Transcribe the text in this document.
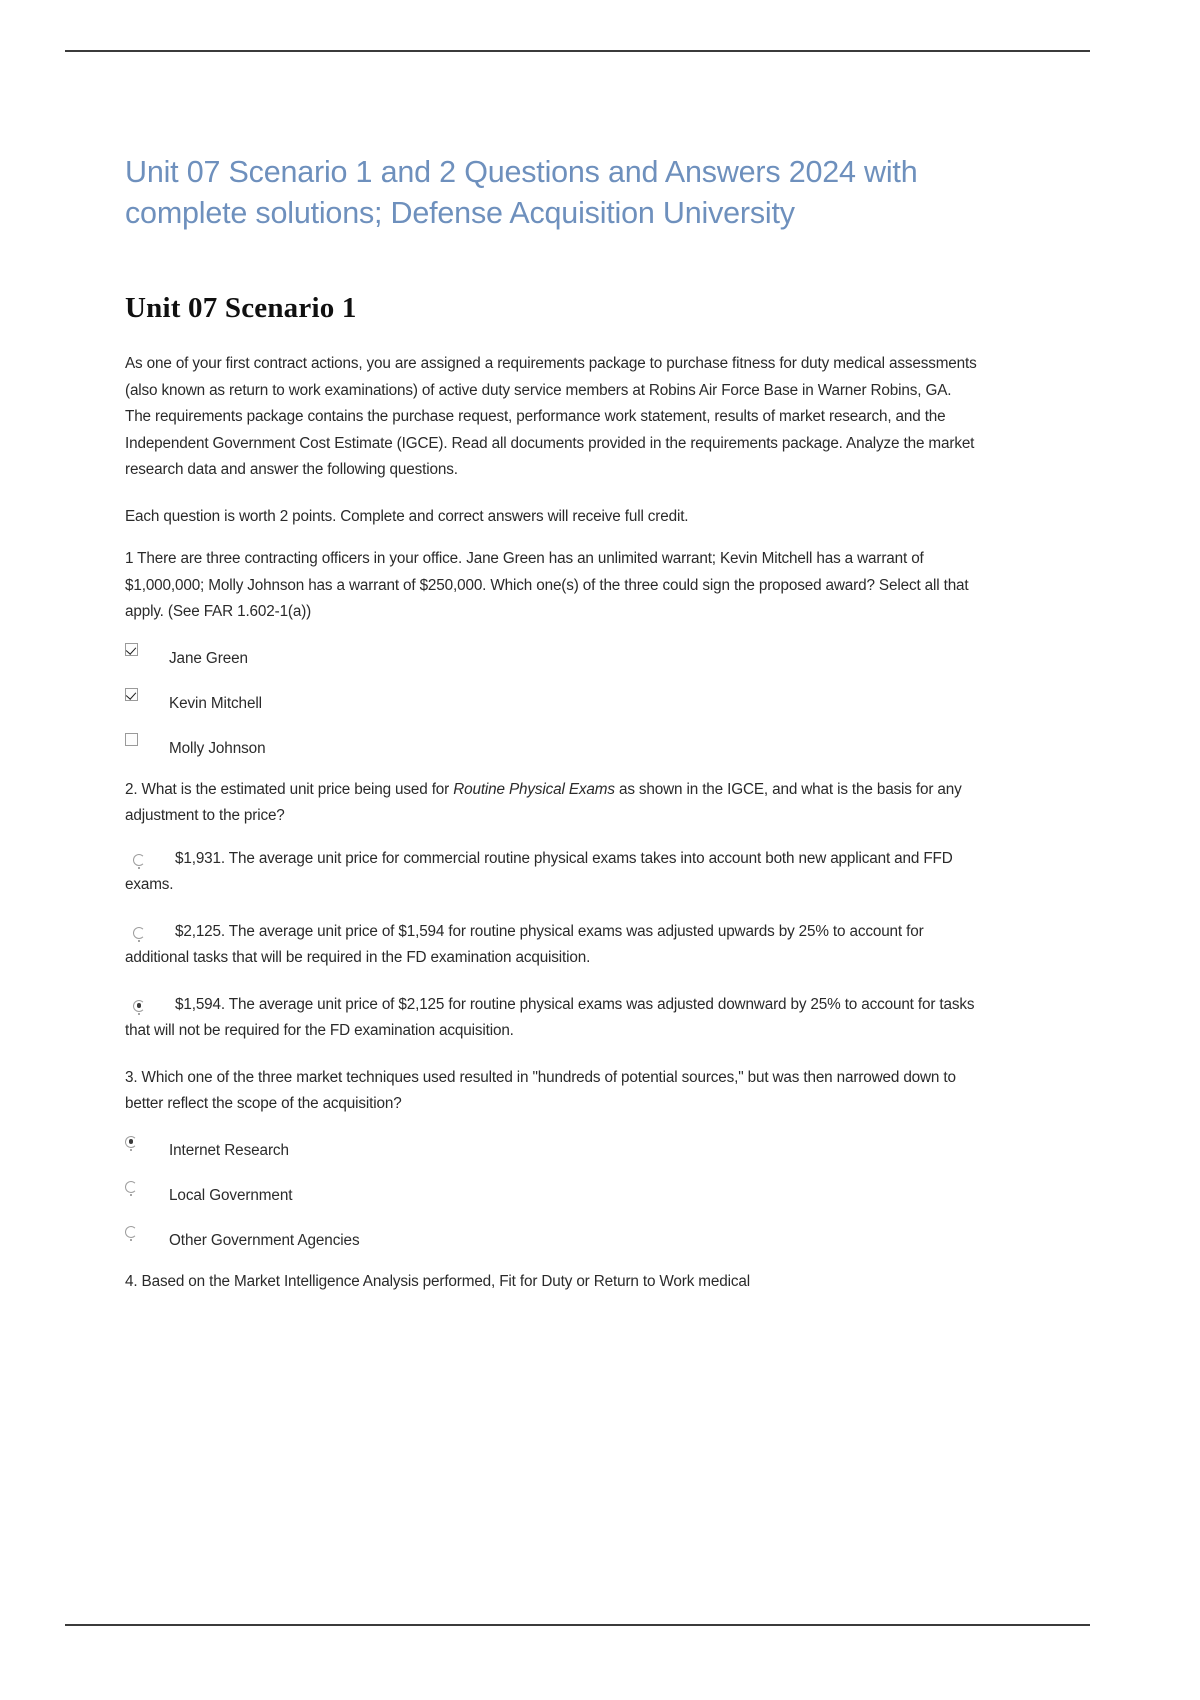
Unit 07 Scenario 1 and 2 Questions and Answers 2024 with complete solutions; Defense Acquisition University
Unit 07 Scenario 1

As one of your first contract actions, you are assigned a requirements package to purchase fitness for duty medical assessments (also known as return to work examinations) of active duty service members at Robins Air Force Base in Warner Robins, GA. The requirements package contains the purchase request, performance work statement, results of market research, and the Independent Government Cost Estimate (IGCE). Read all documents provided in the requirements package. Analyze the market research data and answer the following questions.

Each question is worth 2 points. Complete and correct answers will receive full credit.

1 There are three contracting officers in your office. Jane Green has an unlimited warrant; Kevin Mitchell has a warrant of $1,000,000; Molly Johnson has a warrant of $250,000. Which one(s) of the three could sign the proposed award? Select all that apply. (See FAR 1.602-1(a))

Jane Green
Kevin Mitchell
Molly Johnson

2. What is the estimated unit price being used for Routine Physical Exams as shown in the IGCE, and what is the basis for any adjustment to the price?

$1,931. The average unit price for commercial routine physical exams takes into account both new applicant and FFD exams.

$2,125. The average unit price of $1,594 for routine physical exams was adjusted upwards by 25% to account for additional tasks that will be required in the FD examination acquisition.

$1,594. The average unit price of $2,125 for routine physical exams was adjusted downward by 25% to account for tasks that will not be required for the FD examination acquisition.

3. Which one of the three market techniques used resulted in "hundreds of potential sources," but was then narrowed down to better reflect the scope of the acquisition?

Internet Research
Local Government
Other Government Agencies

4. Based on the Market Intelligence Analysis performed, Fit for Duty or Return to Work medical
